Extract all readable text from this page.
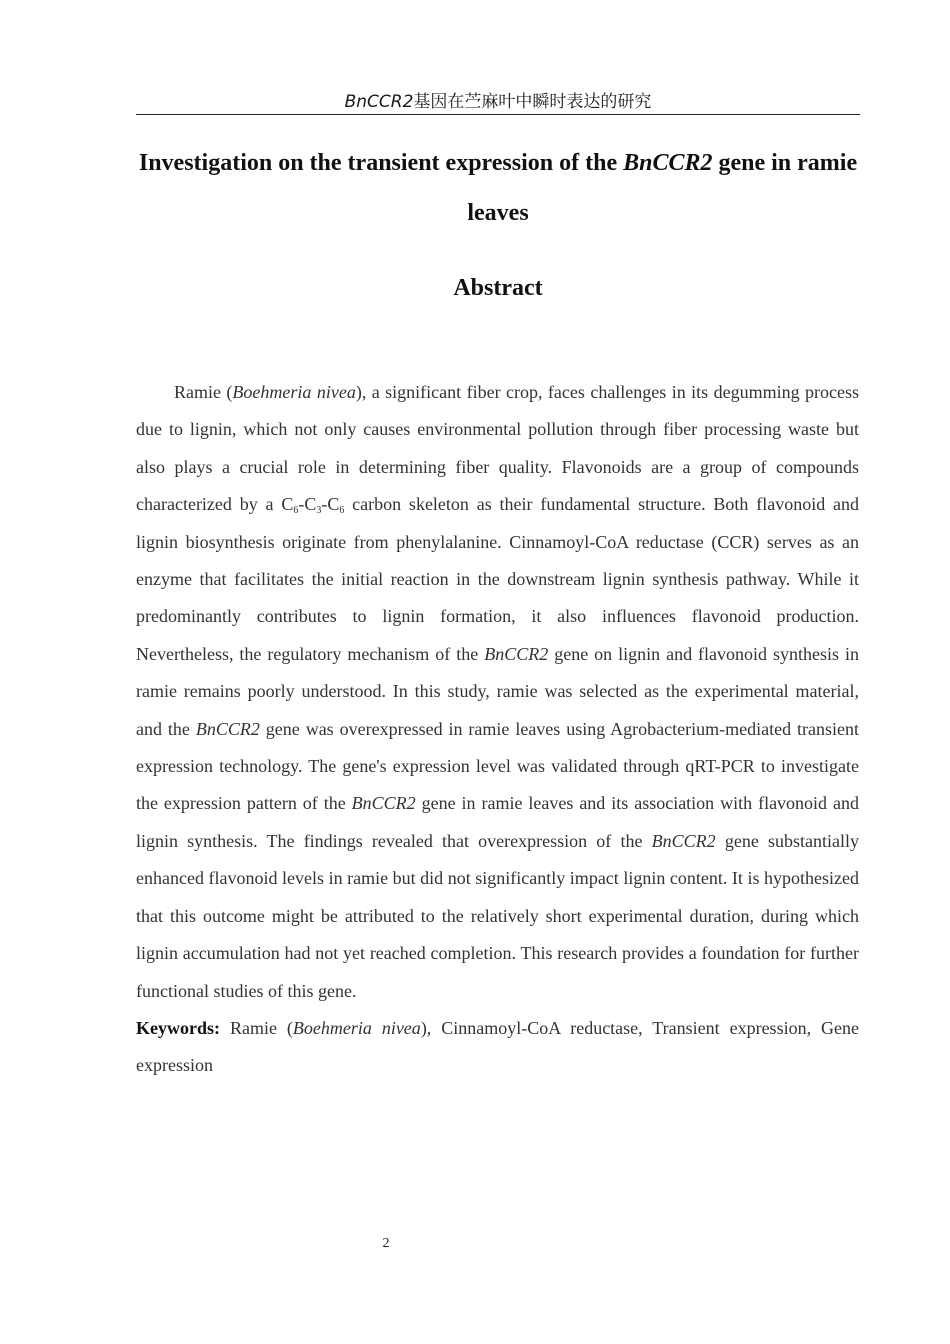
BnCCR2基因在苎麻叶中瞬时表达的研究
Investigation on the transient expression of the BnCCR2 gene in ramie leaves
Abstract

Ramie (Boehmeria nivea), a significant fiber crop, faces challenges in its degumming process due to lignin, which not only causes environmental pollution through fiber processing waste but also plays a crucial role in determining fiber quality. Flavonoids are a group of compounds characterized by a $C_6-C_3-C_6$ carbon skeleton as their fundamental structure. Both flavonoid and lignin biosynthesis originate from phenylalanine. Cinnamoyl-CoA reductase (CCR) serves as an enzyme that facilitates the initial reaction in the downstream lignin synthesis pathway. While it predominantly contributes to lignin formation, it also influences flavonoid production. Nevertheless, the regulatory mechanism of the BnCCR2 gene on lignin and flavonoid synthesis in ramie remains poorly understood. In this study, ramie was selected as the experimental material, and the BnCCR2 gene was overexpressed in ramie leaves using Agrobacterium-mediated transient expression technology. The gene's expression level was validated through qRT-PCR to investigate the expression pattern of the BnCCR2 gene in ramie leaves and its association with flavonoid and lignin synthesis. The findings revealed that overexpression of the BnCCR2 gene substantially enhanced flavonoid levels in ramie but did not significantly impact lignin content. It is hypothesized that this outcome might be attributed to the relatively short experimental duration, during which lignin accumulation had not yet reached completion. This research provides a foundation for further functional studies of this gene.

Keywords: Ramie (Boehmeria nivea), Cinnamoyl-CoA reductase, Transient expression, Gene expression

2
